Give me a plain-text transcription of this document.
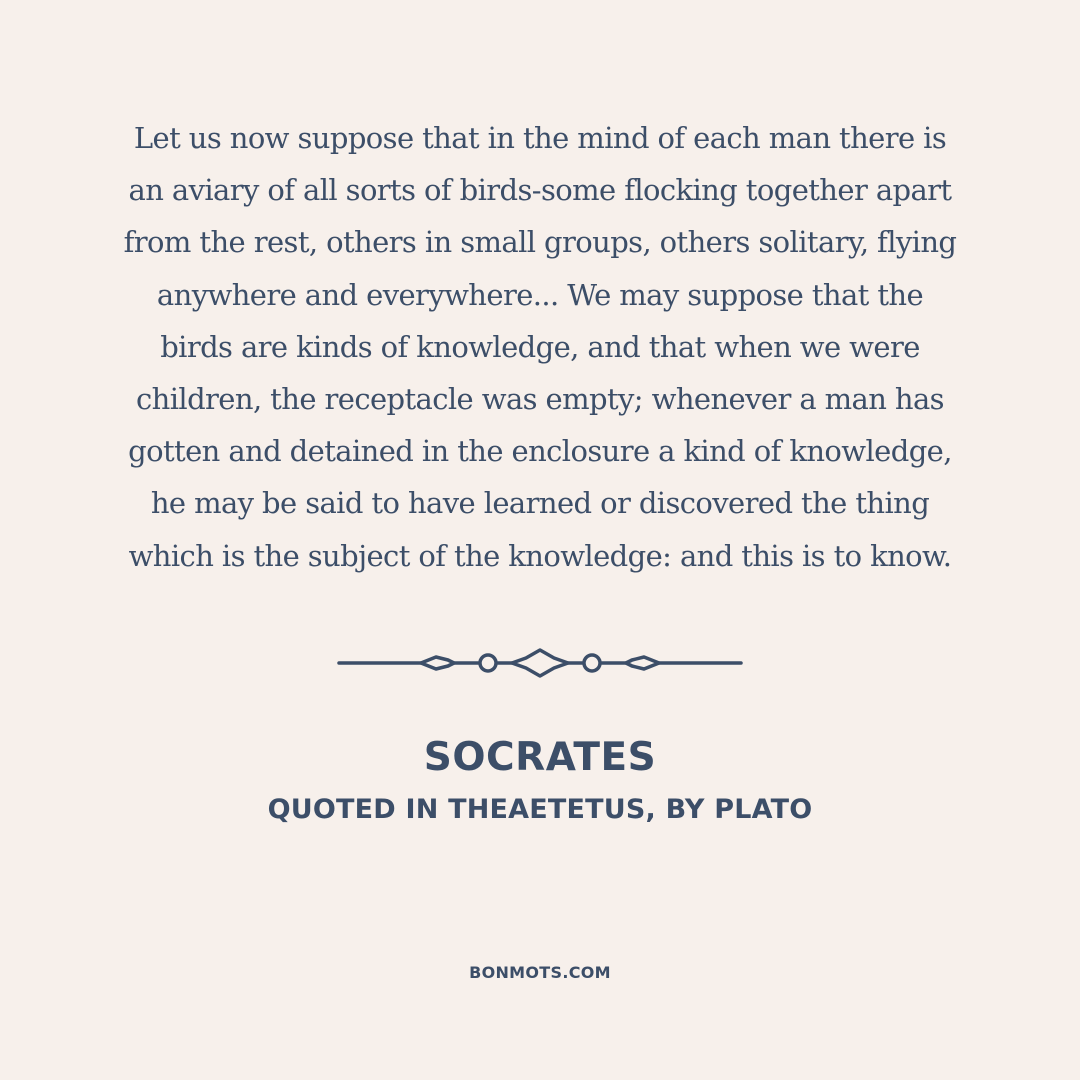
Let us now suppose that in the mind of each man there is
an aviary of all sorts of birds-some flocking together apart
from the rest, others in small groups, others solitary, flying
anywhere and everywhere... We may suppose that the
birds are kinds of knowledge, and that when we were
children, the receptacle was empty; whenever a man has
gotten and detained in the enclosure a kind of knowledge,
he may be said to have learned or discovered the thing
which is the subject of the knowledge: and this is to know.
SOCRATES
QUOTED IN THEAETETUS, BY PLATO
BONMOTS.COM
